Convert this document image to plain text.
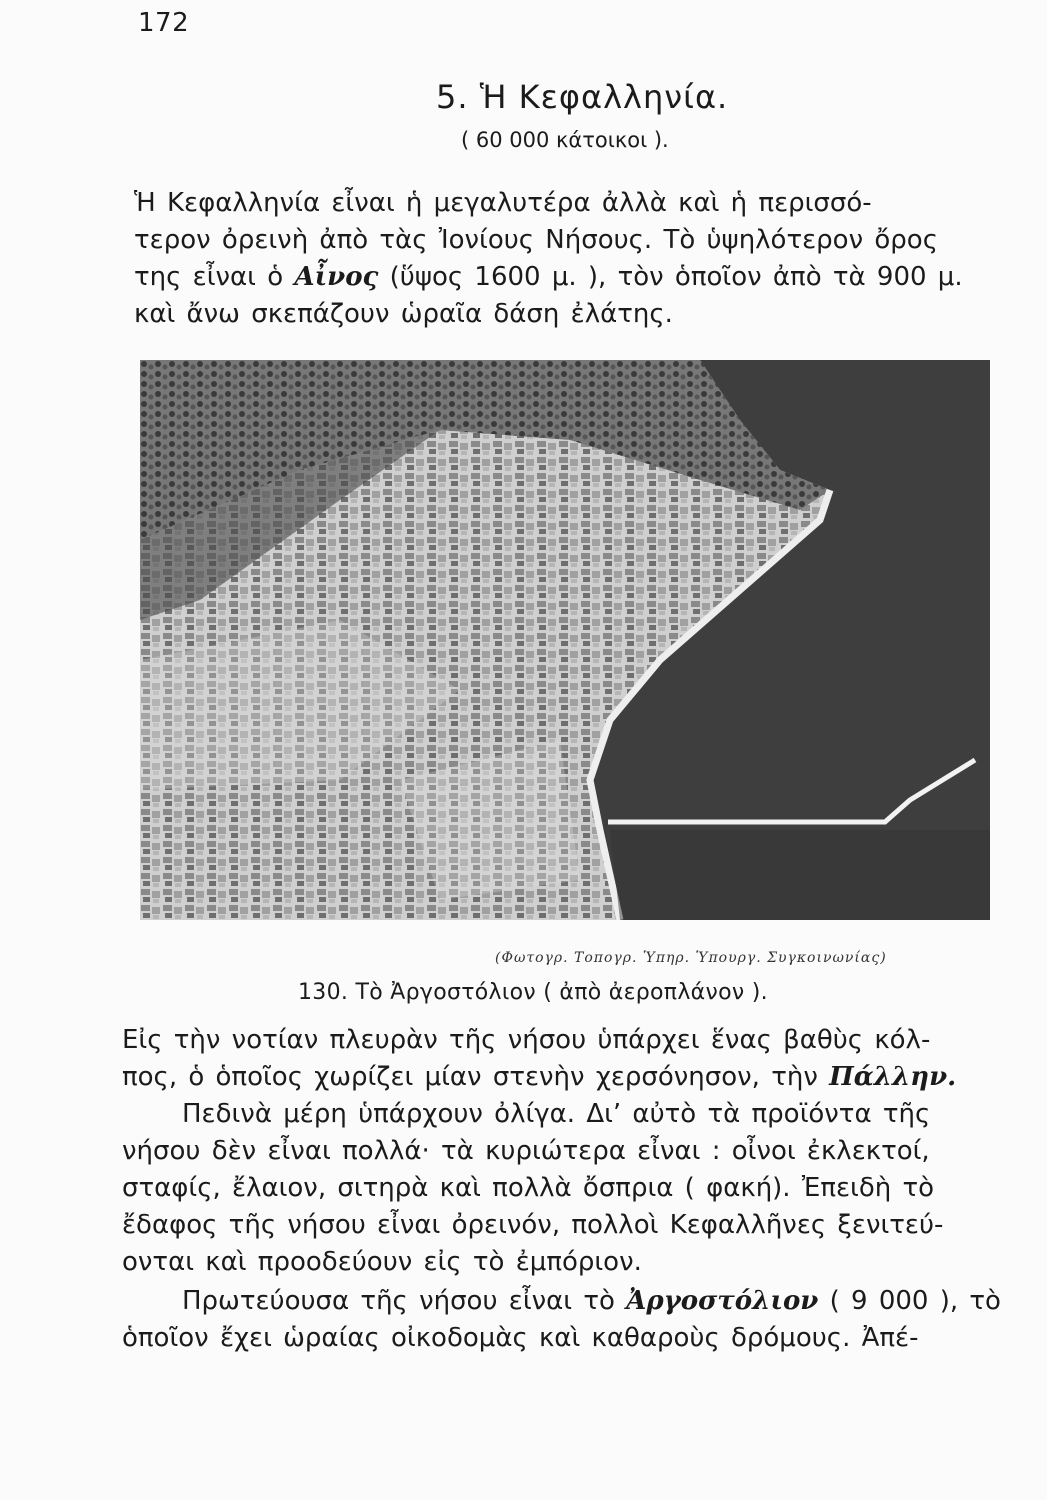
172
5. Ἡ Κεφαλληνία.
( 60 000 κάτοικοι ).
Ἡ Κεφαλληνία εἶναι ἡ μεγαλυτέρα ἀλλὰ καὶ ἡ περισσό-
τερον ὀρεινὴ ἀπὸ τὰς Ἰονίους Νήσους. Τὸ ὑψηλότερον ὄρος
της εἶναι ὁ Αἶνος (ὕψος 1600 μ. ), τὸν ὁποῖον ἀπὸ τὰ 900 μ.
καὶ ἄνω σκεπάζουν ὡραῖα δάση ἐλάτης.
(Φωτογρ. Τοπογρ. Ὑπηρ. Ὑπουργ. Συγκοινωνίας)
130. Τὸ Ἀργοστόλιον ( ἀπὸ ἀεροπλάνον ).
Εἰς τὴν νοτίαν πλευρὰν τῆς νήσου ὑπάρχει ἕνας βαθὺς κόλ-
πος, ὁ ὁποῖος χωρίζει μίαν στενὴν χερσόνησον, τὴν Πάλλην.
Πεδινὰ μέρη ὑπάρχουν ὀλίγα. Διʼ αὐτὸ τὰ προϊόντα τῆς
νήσου δὲν εἶναι πολλά· τὰ κυριώτερα εἶναι : οἶνοι ἐκλεκτοί,
σταφίς, ἔλαιον, σιτηρὰ καὶ πολλὰ ὄσπρια ( φακή). Ἐπειδὴ τὸ
ἔδαφος τῆς νήσου εἶναι ὀρεινόν, πολλοὶ Κεφαλλῆνες ξενιτεύ-
ονται καὶ προοδεύουν εἰς τὸ ἐμπόριον.
Πρωτεύουσα τῆς νήσου εἶναι τὸ Ἀργοστόλιον ( 9 000 ), τὸ
ὁποῖον ἔχει ὡραίας οἰκοδομὰς καὶ καθαροὺς δρόμους. Ἀπέ-
